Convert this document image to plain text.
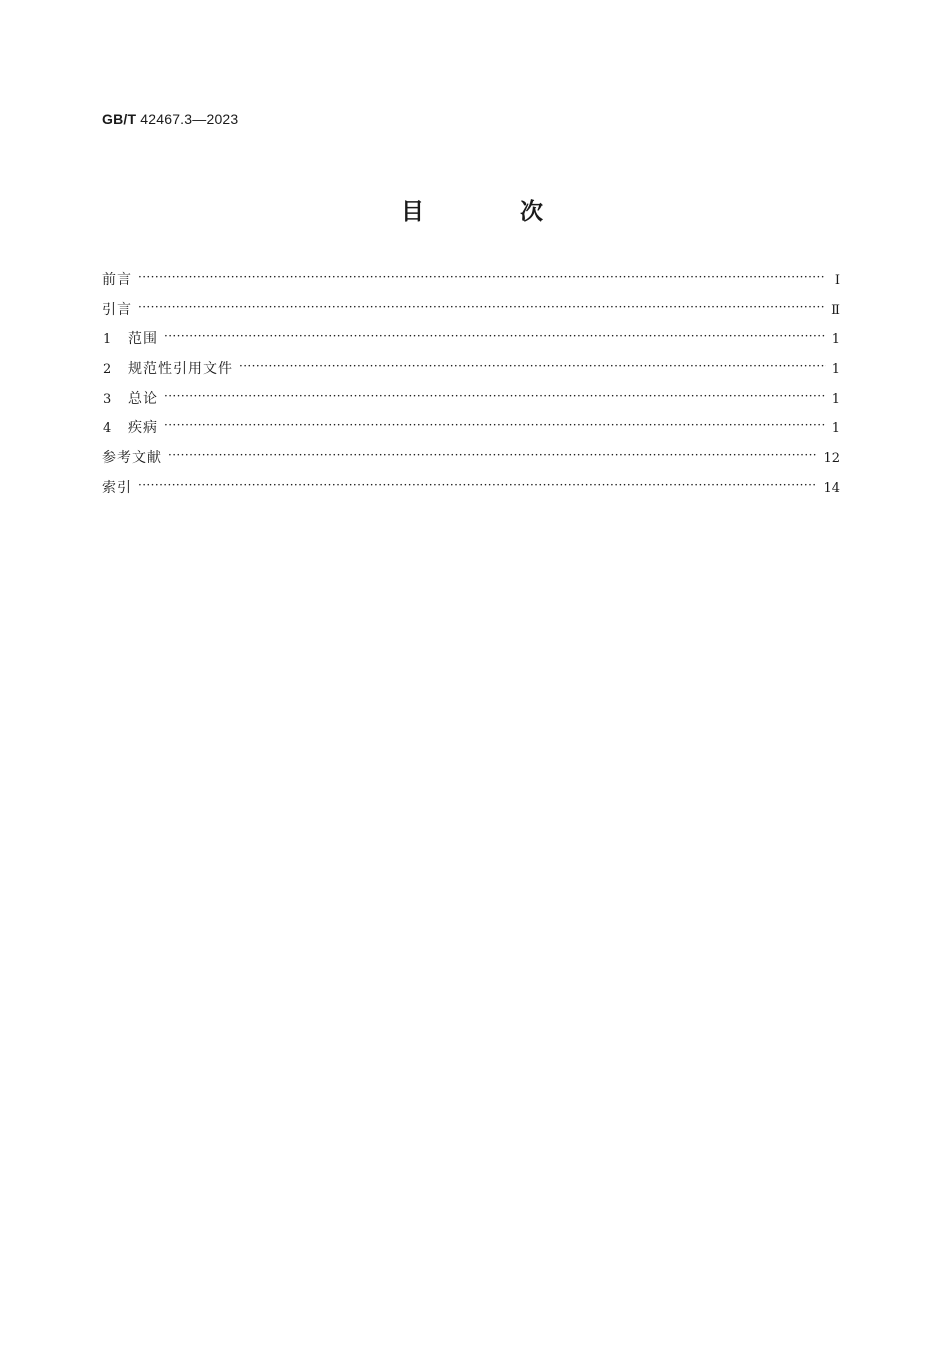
GB/T 42467.3—2023
目 次
前言 ·····	Ⅰ
引言 ·····	Ⅱ
1	范围 ·····	1
2	规范性引用文件 ·····	1
3	总论 ·····	1
4	疾病 ·····	1
参考文献 ·····	12
索引 ·····	14
